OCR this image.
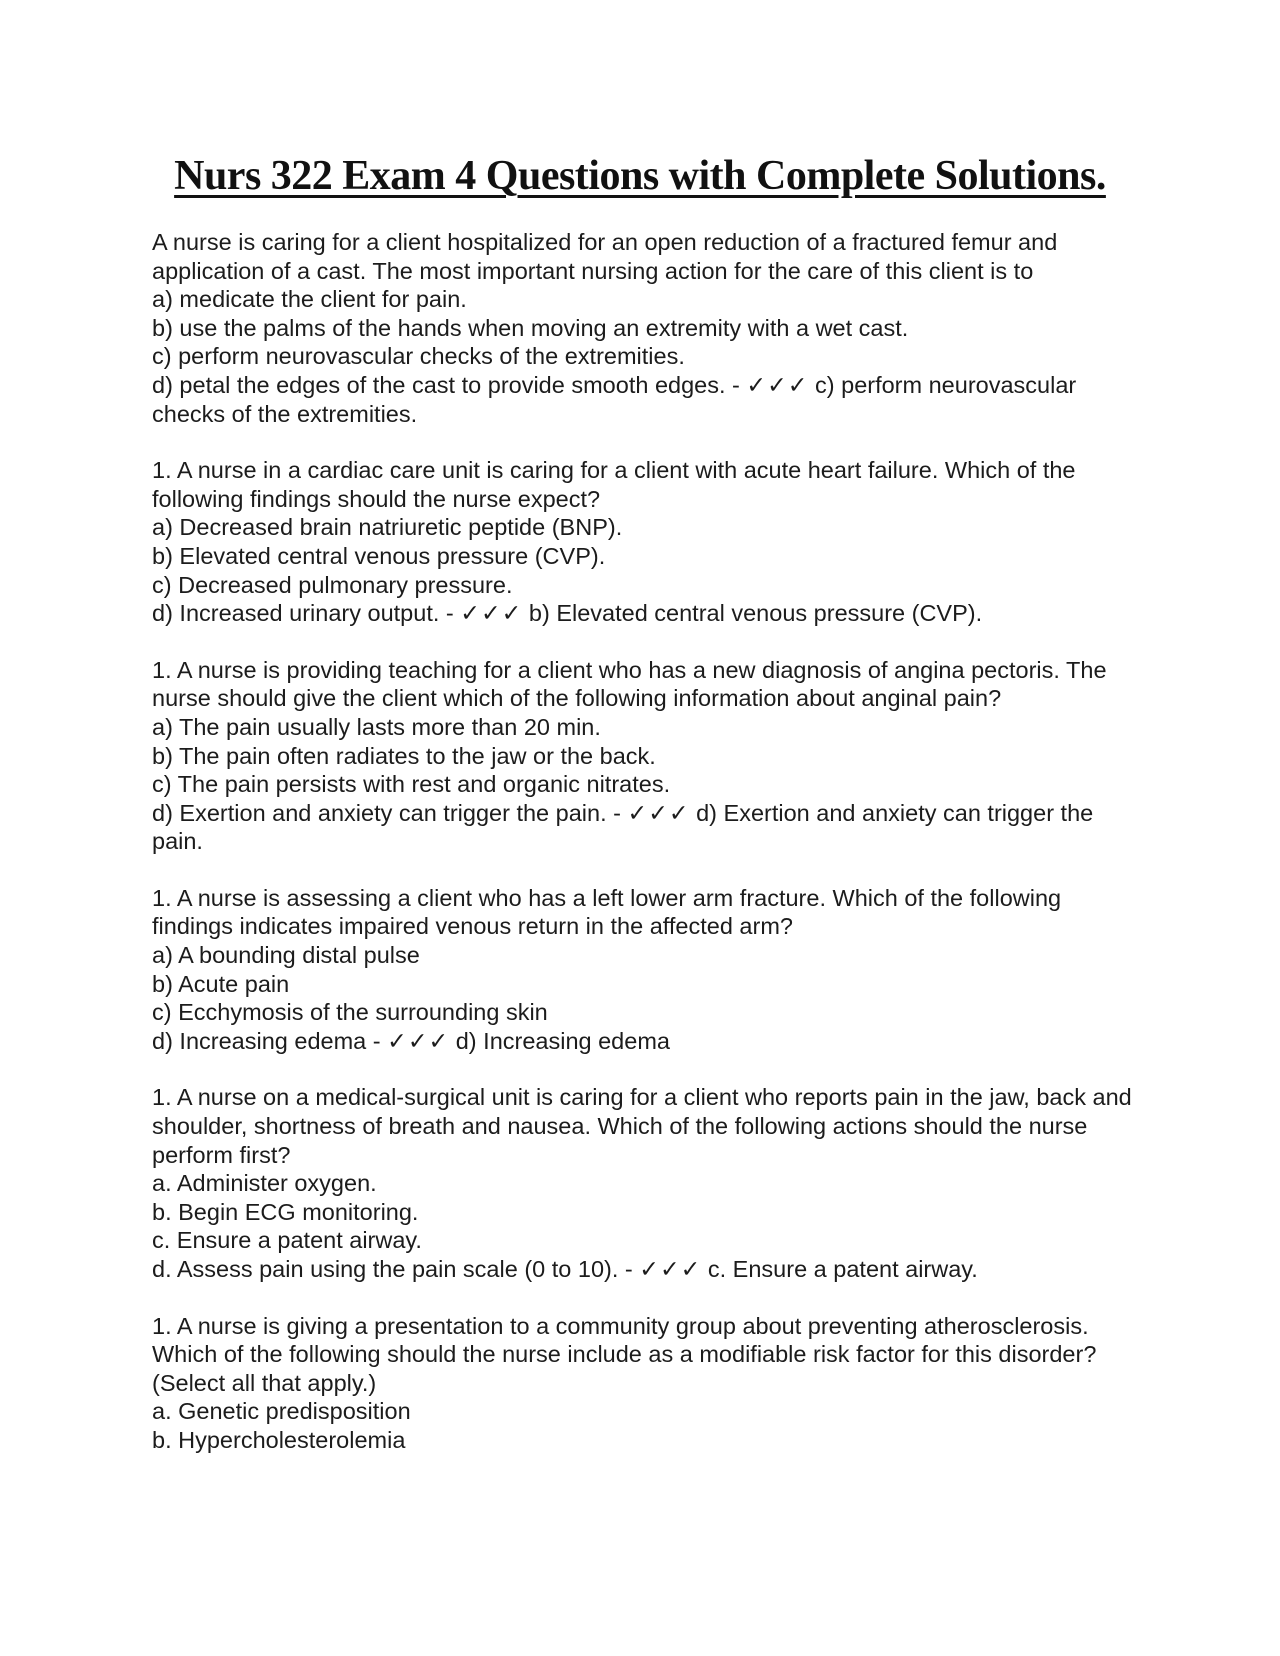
Nurs 322 Exam 4 Questions with Complete Solutions.
A nurse is caring for a client hospitalized for an open reduction of a fractured femur and application of a cast. The most important nursing action for the care of this client is to
a) medicate the client for pain.
b) use the palms of the hands when moving an extremity with a wet cast.
c) perform neurovascular checks of the extremities.
d) petal the edges of the cast to provide smooth edges. - ✓✓✓ c) perform neurovascular checks of the extremities.
1. A nurse in a cardiac care unit is caring for a client with acute heart failure. Which of the following findings should the nurse expect?
a) Decreased brain natriuretic peptide (BNP).
b) Elevated central venous pressure (CVP).
c) Decreased pulmonary pressure.
d) Increased urinary output. - ✓✓✓ b) Elevated central venous pressure (CVP).
1. A nurse is providing teaching for a client who has a new diagnosis of angina pectoris. The nurse should give the client which of the following information about anginal pain?
a) The pain usually lasts more than 20 min.
b) The pain often radiates to the jaw or the back.
c) The pain persists with rest and organic nitrates.
d) Exertion and anxiety can trigger the pain. - ✓✓✓ d) Exertion and anxiety can trigger the pain.
1. A nurse is assessing a client who has a left lower arm fracture. Which of the following findings indicates impaired venous return in the affected arm?
a) A bounding distal pulse
b) Acute pain
c) Ecchymosis of the surrounding skin
d) Increasing edema - ✓✓✓ d) Increasing edema
1. A nurse on a medical-surgical unit is caring for a client who reports pain in the jaw, back and shoulder, shortness of breath and nausea. Which of the following actions should the nurse perform first?
a. Administer oxygen.
b. Begin ECG monitoring.
c. Ensure a patent airway.
d. Assess pain using the pain scale (0 to 10). - ✓✓✓ c. Ensure a patent airway.
1. A nurse is giving a presentation to a community group about preventing atherosclerosis. Which of the following should the nurse include as a modifiable risk factor for this disorder? (Select all that apply.)
a. Genetic predisposition
b. Hypercholesterolemia
